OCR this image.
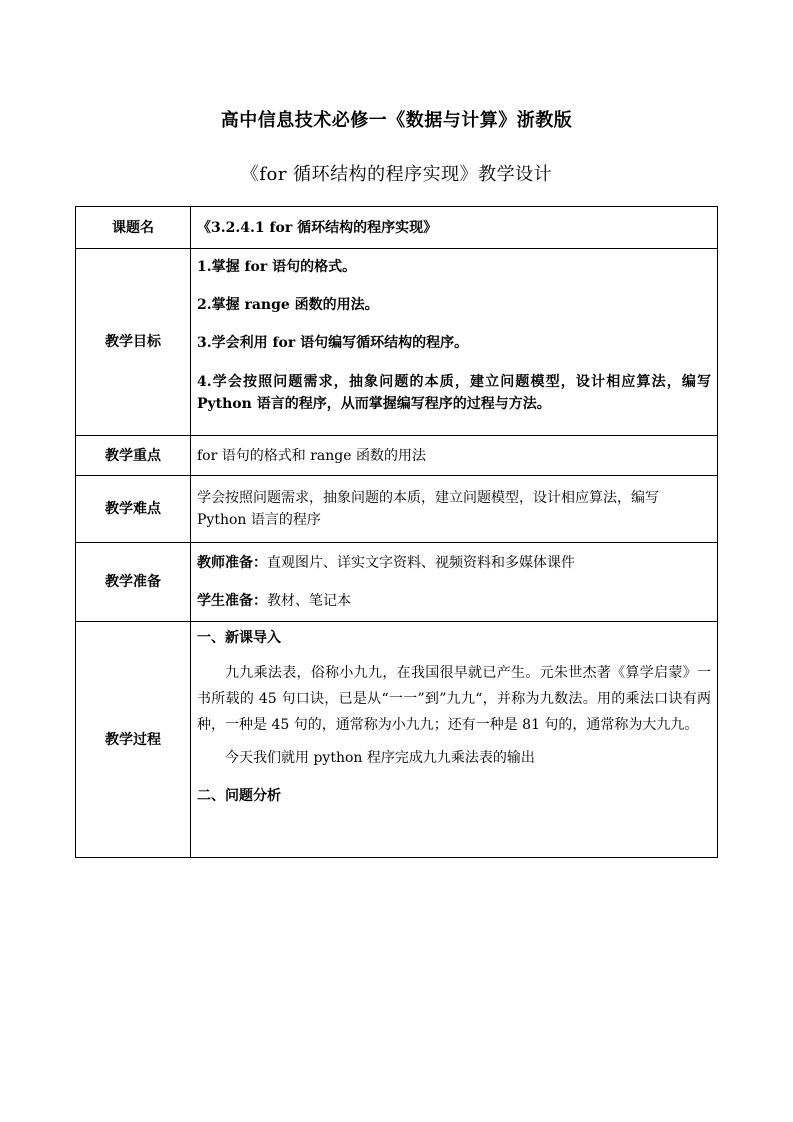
高中信息技术必修一《数据与计算》浙教版
《for 循环结构的程序实现》教学设计
课题名	《3.2.4.1 for 循环结构的程序实现》
教学目标	1.掌握 for 语句的格式。

2.掌握 range 函数的用法。

3.学会利用 for 语句编写循环结构的程序。

4.学会按照问题需求，抽象问题的本质，建立问题模型，设计相应算法，编写 Python 语言的程序，从而掌握编写程序的过程与方法。

教学重点	for 语句的格式和 range 函数的用法
教学难点	学会按照问题需求，抽象问题的本质，建立问题模型，设计相应算法，编写 Python 语言的程序
教学准备	教师准备：直观图片、详实文字资料、视频资料和多媒体课件

学生准备：教材、笔记本

教学过程	一、新课导入

九九乘法表，俗称小九九，在我国很早就已产生。元朱世杰著《算学启蒙》一书所载的 45 句口诀，已是从“一一”到”九九“，并称为九数法。用的乘法口诀有两种，一种是 45 句的，通常称为小九九；还有一种是 81 句的，通常称为大九九。

今天我们就用 python 程序完成九九乘法表的输出

二、问题分析
